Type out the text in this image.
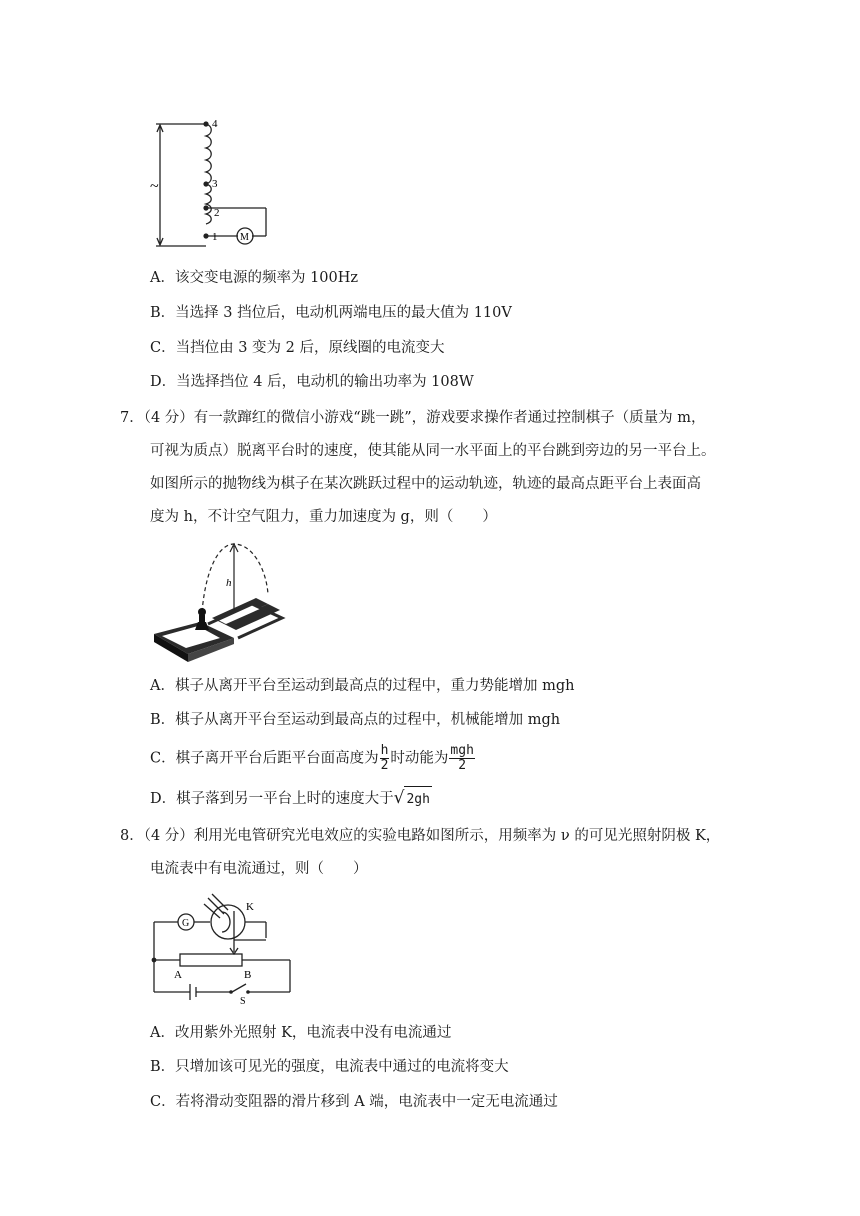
~
4
3
2
1 M
A．该交变电源的频率为 100Hz
B．当选择 3 挡位后，电动机两端电压的最大值为 110V
C．当挡位由 3 变为 2 后，原线圈的电流变大
D．当选择挡位 4 后，电动机的输出功率为 108W
7．（4 分）有一款蹿红的微信小游戏“跳一跳”，游戏要求操作者通过控制棋子（质量为 m，
可视为质点）脱离平台时的速度，使其能从同一水平面上的平台跳到旁边的另一平台上。
如图所示的抛物线为棋子在某次跳跃过程中的运动轨迹，轨迹的最高点距平台上表面高
度为 h，不计空气阻力，重力加速度为 g，则（　　）
h
A．棋子从离开平台至运动到最高点的过程中，重力势能增加 mgh
B．棋子从离开平台至运动到最高点的过程中，机械能增加 mgh
C．棋子离开平台后距平台面高度为 $\frac{h}{2}$ 时动能为 $\frac{\text{mgh}}{2}$
D．棋子落到另一平台上时的速度大于√ 2gh
8．（4 分）利用光电管研究光电效应的实验电路如图所示，用频率为 ν 的可见光照射阴极 K，
电流表中有电流通过，则（　　）
G
K
A	B
S
A．改用紫外光照射 K，电流表中没有电流通过
B．只增加该可见光的强度，电流表中通过的电流将变大
C．若将滑动变阻器的滑片移到 A 端，电流表中一定无电流通过
